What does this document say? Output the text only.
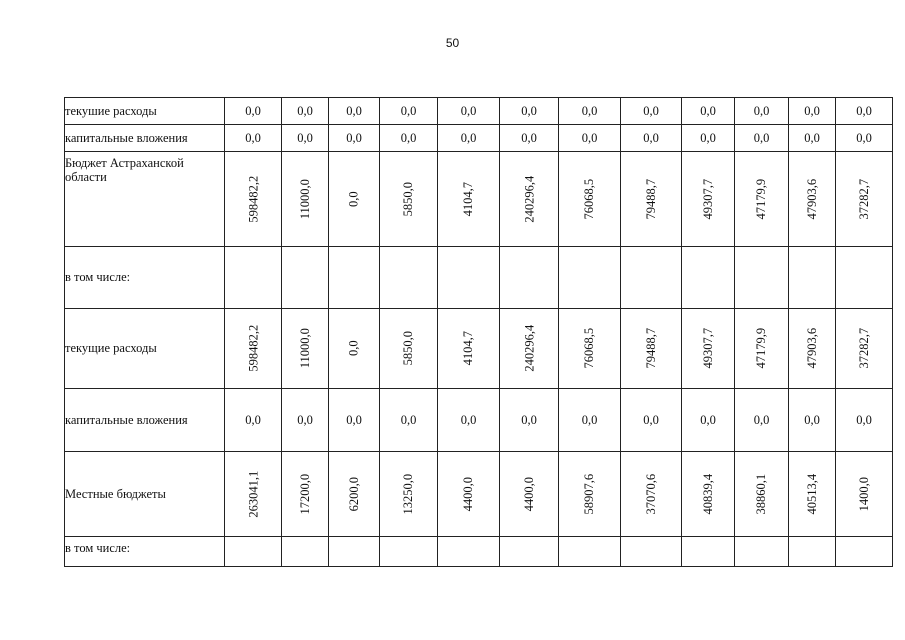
50
текушие расходы	0,0	0,0	0,0	0,0	0,0	0,0	0,0	0,0	0,0	0,0	0,0	0,0
капитальные вложения	0,0	0,0	0,0	0,0	0,0	0,0	0,0	0,0	0,0	0,0	0,0	0,0
Бюджет Астраханской области	598482,2	11000,0	0,0	5850,0	4104,7	240296,4	76068,5	79488,7	49307,7	47179,9	47903,6	37282,7
в том числе:												
текущие расходы	598482,2	11000,0	0,0	5850,0	4104,7	240296,4	76068,5	79488,7	49307,7	47179,9	47903,6	37282,7
капитальные вложения	0,0	0,0	0,0	0,0	0,0	0,0	0,0	0,0	0,0	0,0	0,0	0,0
Местные бюджеты	263041,1	17200,0	6200,0	13250,0	4400,0	4400,0	58907,6	37070,6	40839,4	38860,1	40513,4	1400,0
в том числе:												
